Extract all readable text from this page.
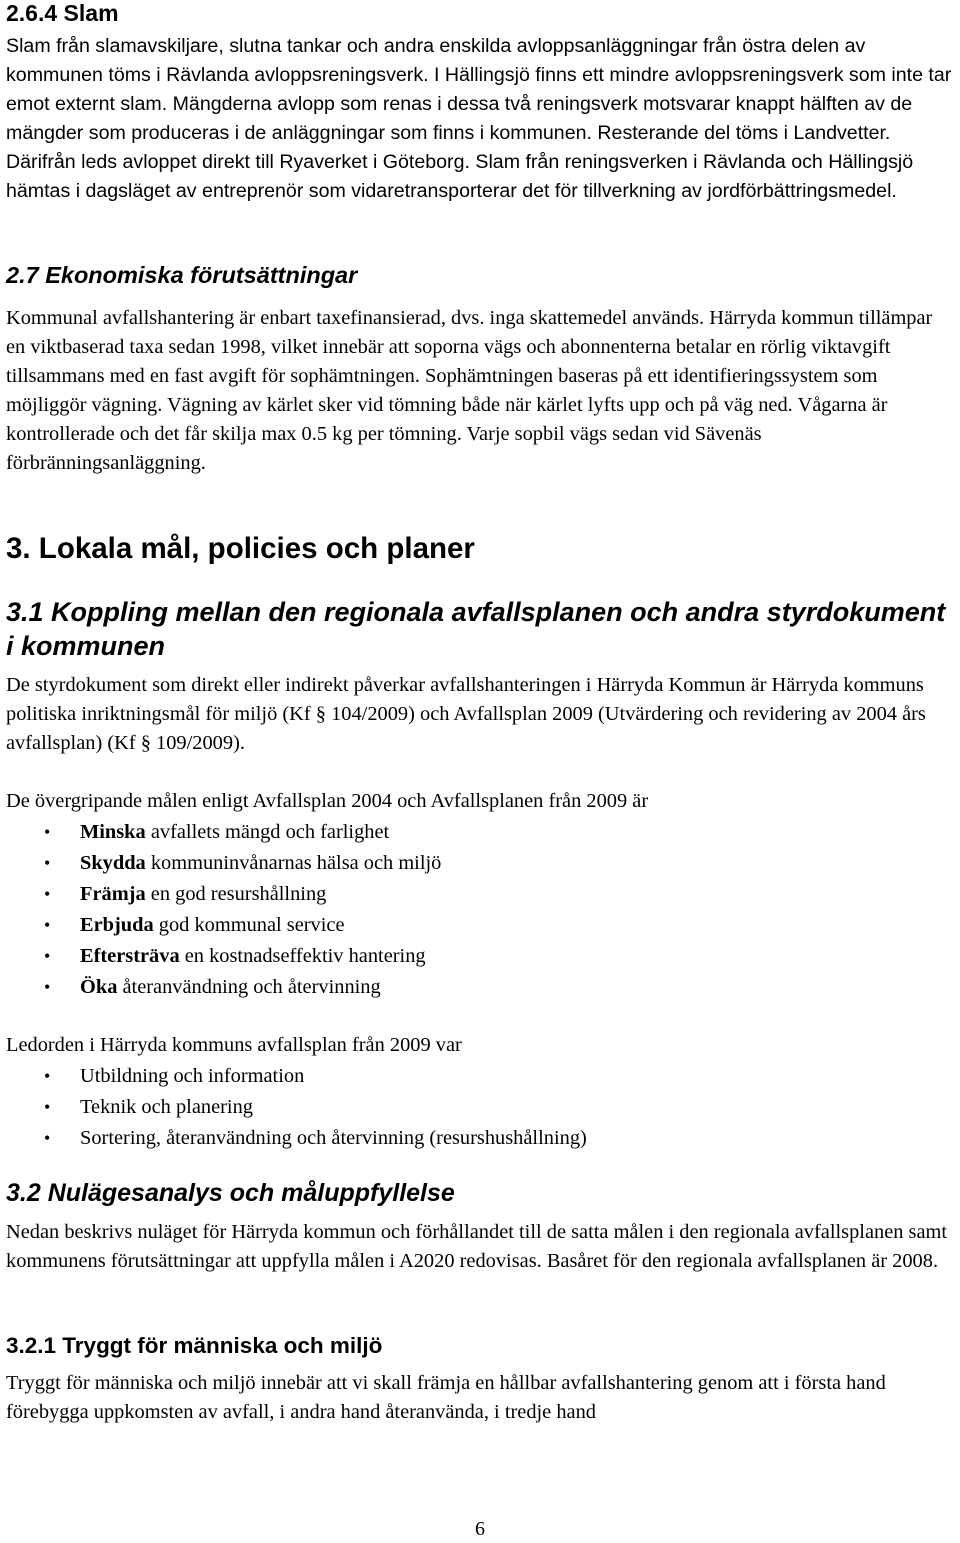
2.6.4 Slam

Slam från slamavskiljare, slutna tankar och andra enskilda avloppsanläggningar från östra delen av kommunen töms i Rävlanda avloppsreningsverk. I Hällingsjö finns ett mindre avloppsreningsverk som inte tar emot externt slam. Mängderna avlopp som renas i dessa två reningsverk motsvarar knappt hälften av de mängder som produceras i de anläggningar som finns i kommunen. Resterande del töms i Landvetter. Därifrån leds avloppet direkt till Ryaverket i Göteborg. Slam från reningsverken i Rävlanda och Hällingsjö hämtas i dagsläget av entreprenör som vidaretransporterar det för tillverkning av jordförbättringsmedel.

2.7 Ekonomiska förutsättningar

Kommunal avfallshantering är enbart taxefinansierad, dvs. inga skattemedel används. Härryda kommun tillämpar en viktbaserad taxa sedan 1998, vilket innebär att soporna vägs och abonnenterna betalar en rörlig viktavgift tillsammans med en fast avgift för sophämtningen. Sophämtningen baseras på ett identifieringssystem som möjliggör vägning. Vägning av kärlet sker vid tömning både när kärlet lyfts upp och på väg ned. Vågarna är kontrollerade och det får skilja max 0.5 kg per tömning. Varje sopbil vägs sedan vid Sävenäs förbränningsanläggning.

3. Lokala mål, policies och planer
3.1 Koppling mellan den regionala avfallsplanen och andra styrdokument i kommunen

De styrdokument som direkt eller indirekt påverkar avfallshanteringen i Härryda Kommun är Härryda kommuns politiska inriktningsmål för miljö (Kf § 104/2009) och Avfallsplan 2009 (Utvärdering och revidering av 2004 års avfallsplan) (Kf § 109/2009).

De övergripande målen enligt Avfallsplan 2004 och Avfallsplanen från 2009 är

• Minska avfallets mängd och farlighet
• Skydda kommuninvånarnas hälsa och miljö
• Främja en god resurshållning
• Erbjuda god kommunal service
• Eftersträva en kostnadseffektiv hantering
• Öka återanvändning och återvinning

Ledorden i Härryda kommuns avfallsplan från 2009 var

• Utbildning och information
• Teknik och planering
• Sortering, återanvändning och återvinning (resurshushållning)
3.2 Nulägesanalys och måluppfyllelse

Nedan beskrivs nuläget för Härryda kommun och förhållandet till de satta målen i den regionala avfallsplanen samt kommunens förutsättningar att uppfylla målen i A2020 redovisas. Basåret för den regionala avfallsplanen är 2008.

3.2.1 Tryggt för människa och miljö

Tryggt för människa och miljö innebär att vi skall främja en hållbar avfallshantering genom att i första hand förebygga uppkomsten av avfall, i andra hand återanvända, i tredje hand

6
